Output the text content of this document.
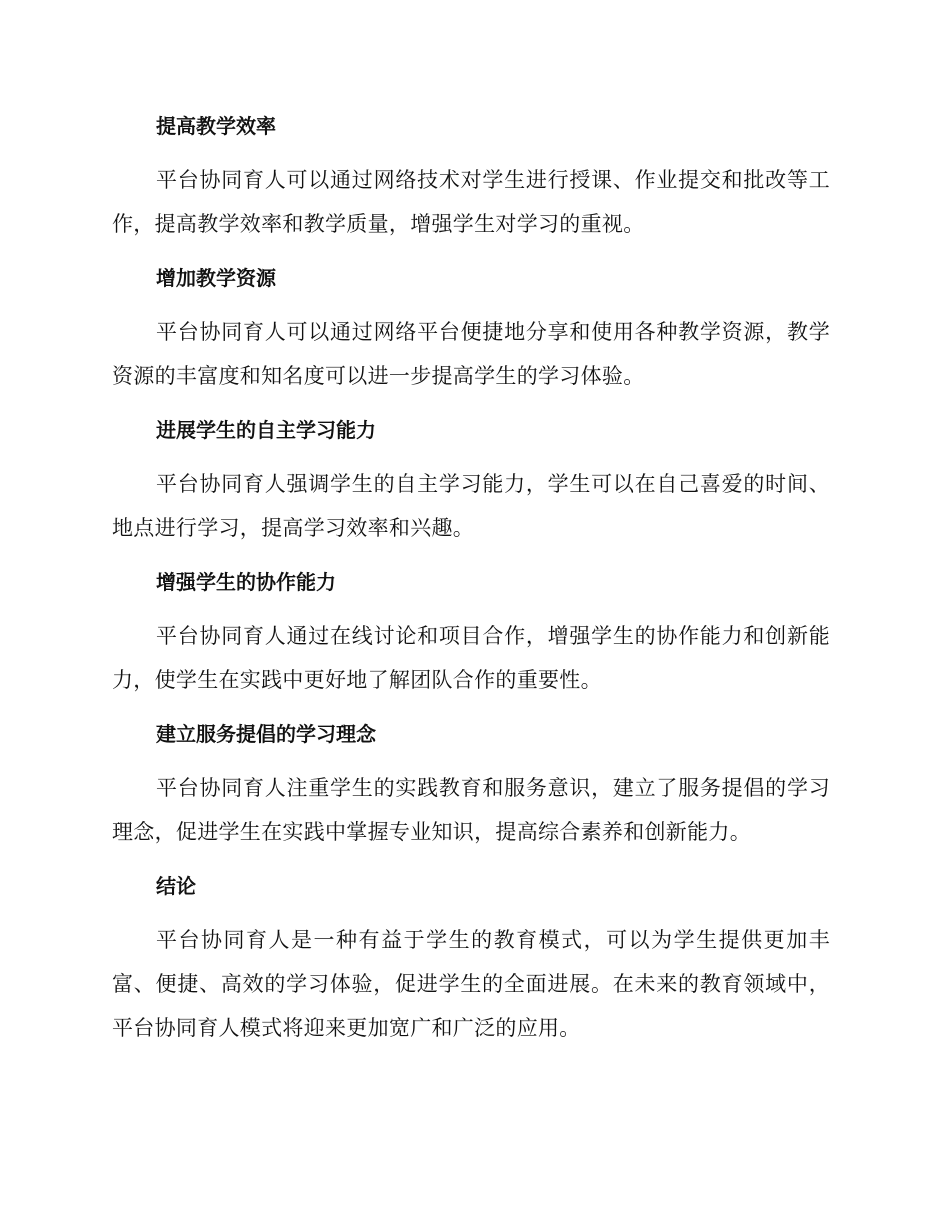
提高教学效率

平台协同育人可以通过网络技术对学生进行授课、作业提交和批改等工作，提高教学效率和教学质量，增强学生对学习的重视。

增加教学资源

平台协同育人可以通过网络平台便捷地分享和使用各种教学资源，教学资源的丰富度和知名度可以进一步提高学生的学习体验。

进展学生的自主学习能力

平台协同育人强调学生的自主学习能力，学生可以在自己喜爱的时间、地点进行学习，提高学习效率和兴趣。

增强学生的协作能力

平台协同育人通过在线讨论和项目合作，增强学生的协作能力和创新能力，使学生在实践中更好地了解团队合作的重要性。

建立服务提倡的学习理念

平台协同育人注重学生的实践教育和服务意识，建立了服务提倡的学习理念，促进学生在实践中掌握专业知识，提高综合素养和创新能力。

结论

平台协同育人是一种有益于学生的教育模式，可以为学生提供更加丰富、便捷、高效的学习体验，促进学生的全面进展。在未来的教育领域中，平台协同育人模式将迎来更加宽广和广泛的应用。
